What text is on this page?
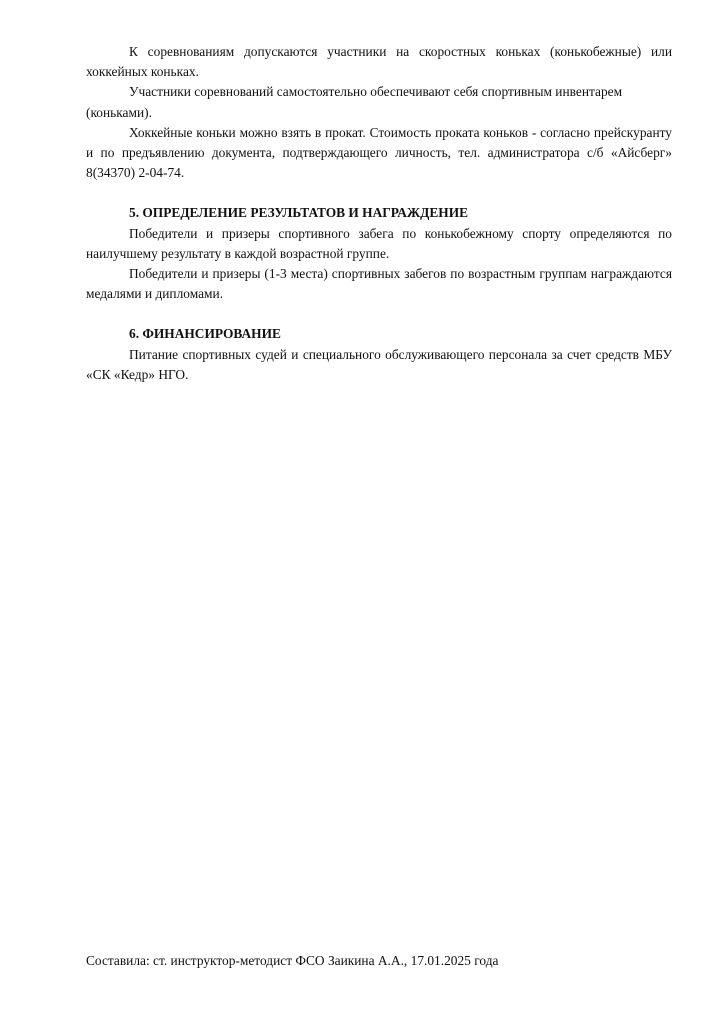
К соревнованиям допускаются участники на скоростных коньках (конькобежные) или хоккейных коньках.

Участники соревнований самостоятельно обеспечивают себя спортивным инвентарем (коньками).

Хоккейные коньки можно взять в прокат. Стоимость проката коньков - согласно прейскуранту и по предъявлению документа, подтверждающего личность, тел. администратора с/б «Айсберг» 8(34370) 2-04-74.

5. ОПРЕДЕЛЕНИЕ РЕЗУЛЬТАТОВ И НАГРАЖДЕНИЕ

Победители и призеры спортивного забега по конькобежному спорту определяются по наилучшему результату в каждой возрастной группе.

Победители и призеры (1-3 места) спортивных забегов по возрастным группам награждаются медалями и дипломами.

6. ФИНАНСИРОВАНИЕ

Питание спортивных судей и специального обслуживающего персонала за счет средств МБУ «СК «Кедр» НГО.

Составила: ст. инструктор-методист ФСО Заикина А.А., 17.01.2025 года
